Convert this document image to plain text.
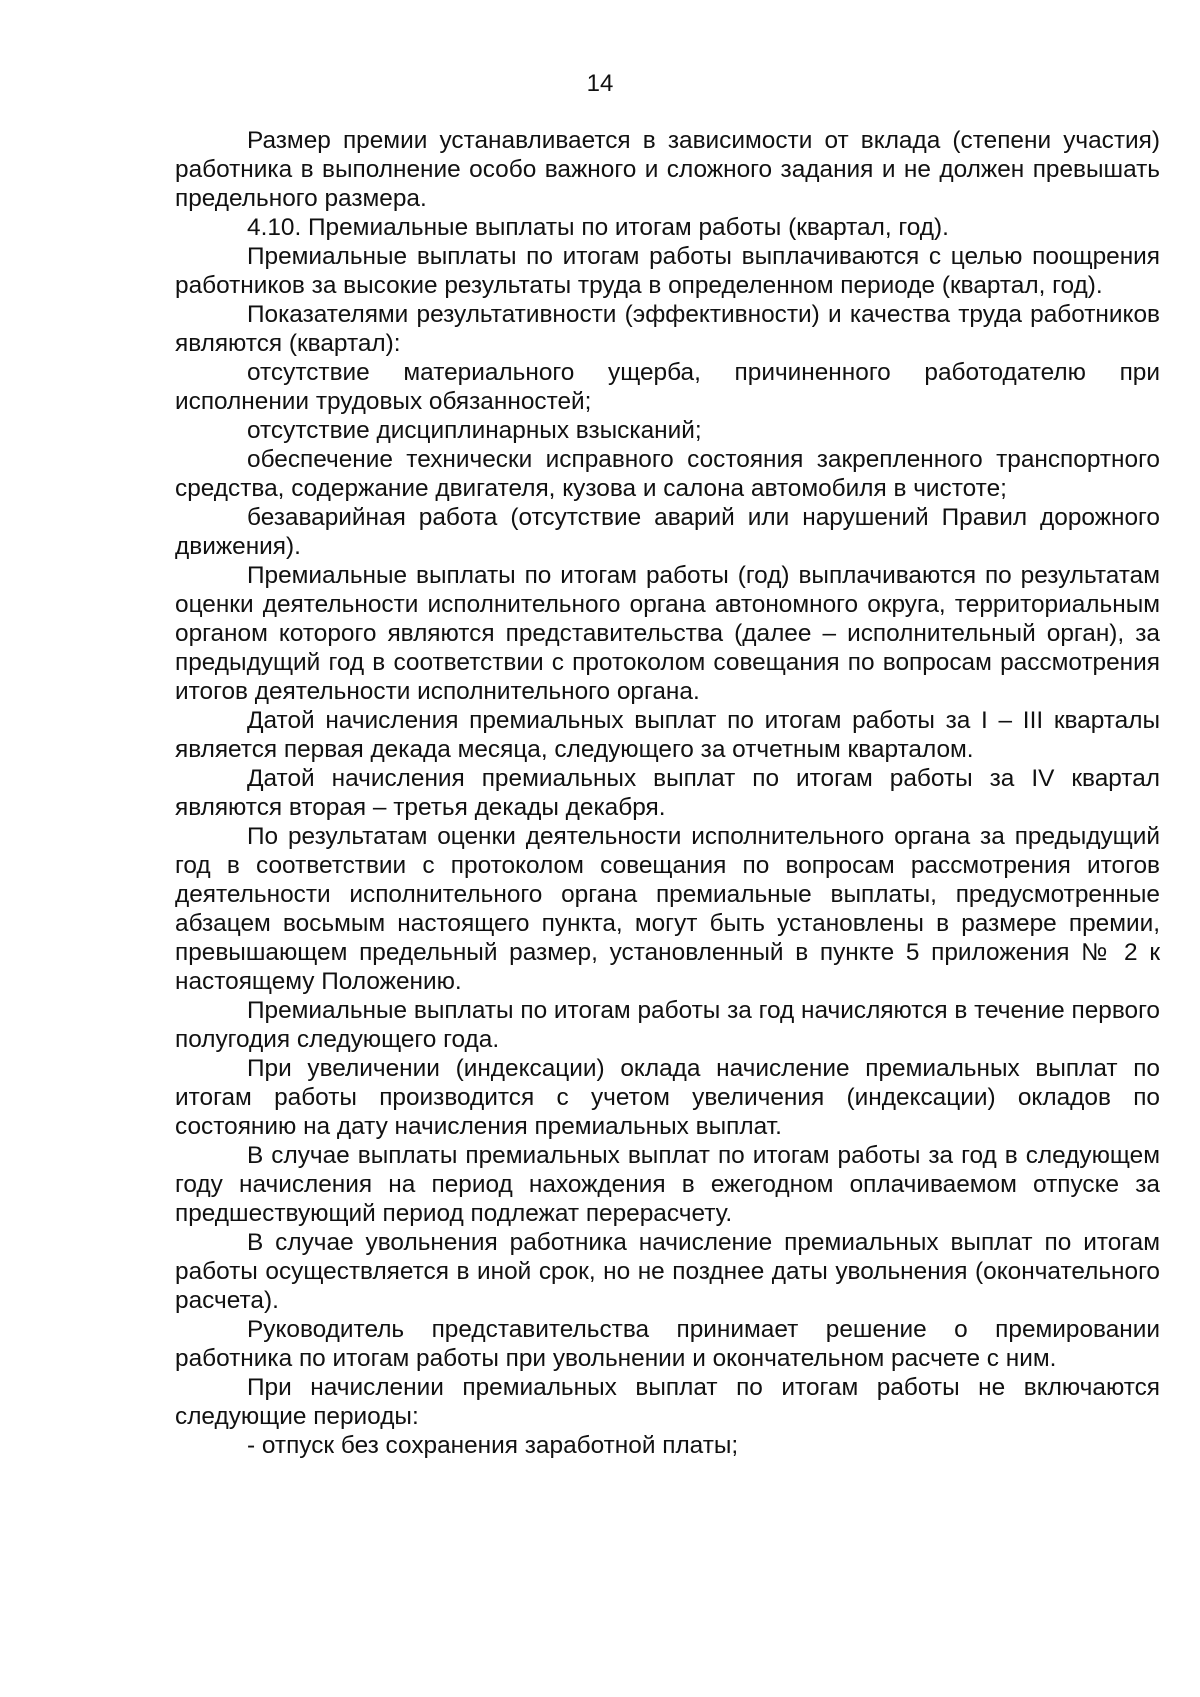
14

Размер премии устанавливается в зависимости от вклада (степени участия) работника в выполнение особо важного и сложного задания и не должен превышать предельного размера.

4.10. Премиальные выплаты по итогам работы (квартал, год).

Премиальные выплаты по итогам работы выплачиваются с целью поощрения работников за высокие результаты труда в определенном периоде (квартал, год).

Показателями результативности (эффективности) и качества труда работников являются (квартал):

отсутствие материального ущерба, причиненного работодателю при исполнении трудовых обязанностей;

отсутствие дисциплинарных взысканий;

обеспечение технически исправного состояния закрепленного транспортного средства, содержание двигателя, кузова и салона автомобиля в чистоте;

безаварийная работа (отсутствие аварий или нарушений Правил дорожного движения).

Премиальные выплаты по итогам работы (год) выплачиваются по результатам оценки деятельности исполнительного органа автономного округа, территориальным органом которого являются представительства (далее – исполнительный орган), за предыдущий год в соответствии с протоколом совещания по вопросам рассмотрения итогов деятельности исполнительного органа.

Датой начисления премиальных выплат по итогам работы за I – III кварталы является первая декада месяца, следующего за отчетным кварталом.

Датой начисления премиальных выплат по итогам работы за IV квартал являются вторая – третья декады декабря.

По результатам оценки деятельности исполнительного органа за предыдущий год в соответствии с протоколом совещания по вопросам рассмотрения итогов деятельности исполнительного органа премиальные выплаты, предусмотренные абзацем восьмым настоящего пункта, могут быть установлены в размере премии, превышающем предельный размер, установленный в пункте 5 приложения № 2 к настоящему Положению.

Премиальные выплаты по итогам работы за год начисляются в течение первого полугодия следующего года.

При увеличении (индексации) оклада начисление премиальных выплат по итогам работы производится с учетом увеличения (индексации) окладов по состоянию на дату начисления премиальных выплат.

В случае выплаты премиальных выплат по итогам работы за год в следующем году начисления на период нахождения в ежегодном оплачиваемом отпуске за предшествующий период подлежат перерасчету.

В случае увольнения работника начисление премиальных выплат по итогам работы осуществляется в иной срок, но не позднее даты увольнения (окончательного расчета).

Руководитель представительства принимает решение о премировании работника по итогам работы при увольнении и окончательном расчете с ним.

При начислении премиальных выплат по итогам работы не включаются следующие периоды:

- отпуск без сохранения заработной платы;
